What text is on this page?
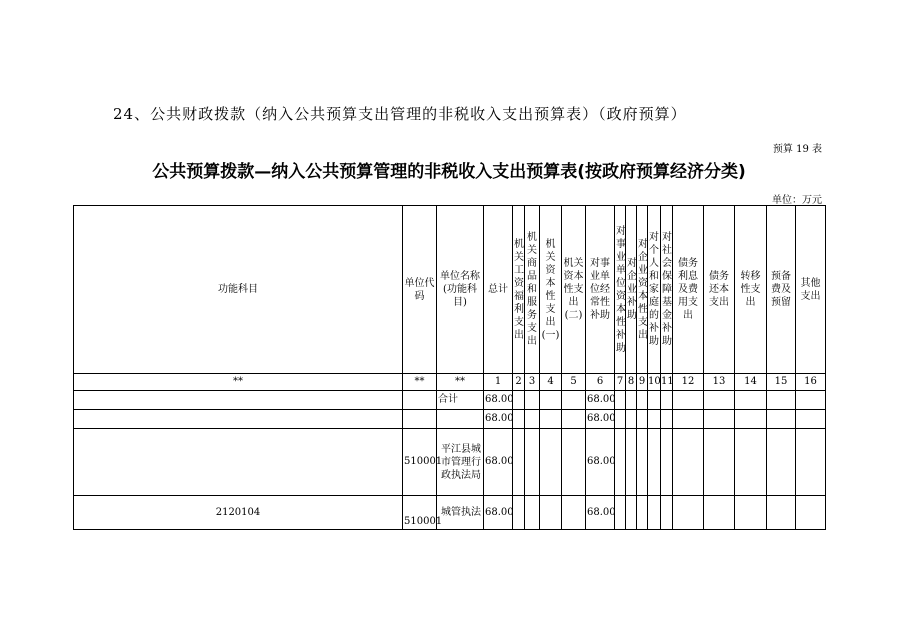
24、公共财政拨款（纳入公共预算支出管理的非税收入支出预算表）（政府预算）
预算 19 表
公共预算拨款—纳入公共预算管理的非税收入支出预算表(按政府预算经济分类)
单位：万元
功能科目	单位代码	单位名称(功能科目)	总计	机关工资福利支出	机关商品和服务支出	机关资本性支出(一)	机关资本性支出(二)	对事业单位经常性补助	对事业单位资本性补助	对企业补助	对企业资本性支出	对个人和家庭的补助	对社会保障基金补助	债务利息及费用支出	债务还本支出	转移性支出	预备费及预留	其他支出
**	**	**	1	2	3	4	5	6	7	8	9	10	11	12	13	14	15	16
		合计	68.00					68.00										
			68.00					68.00										
	510001	平江县城市管理行政执法局	68.00					68.00										
2120104	510001	城管执法	68.00					68.00										
